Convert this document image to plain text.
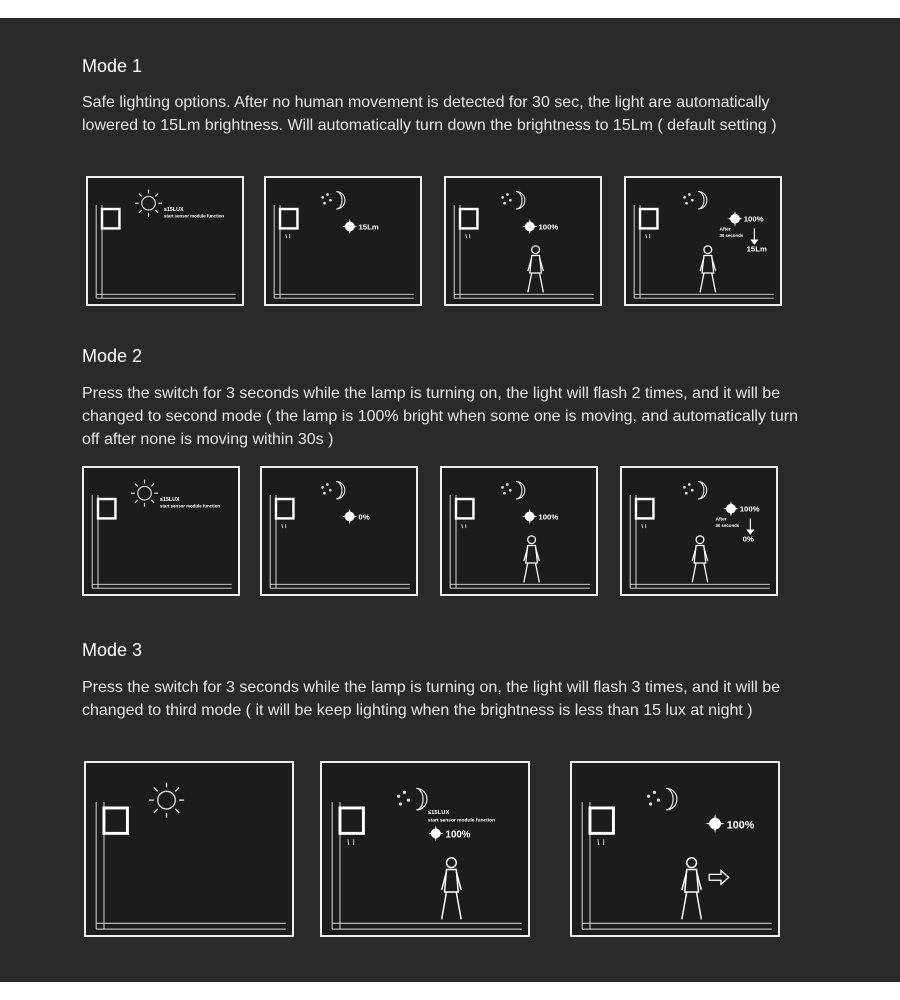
Mode 1
Safe lighting options. After no human movement is detected for 30 sec, the light are automatically lowered to 15Lm brightness. Will automatically turn down the brightness to 15Lm ( default setting )
≤15LUX
start sensor module function
15Lm	100%
100%
After
30 seconds
15Lm
Mode 2
Press the switch for 3 seconds while the lamp is turning on, the light will flash 2 times, and it will be changed to second mode ( the lamp is 100% bright when some one is moving, and automatically turn off after none is moving within 30s )
≤15LUX
start sensor module function
0%	100%
100%
After
30 seconds
0%
Mode 3
Press the switch for 3 seconds while the lamp is turning on, the light will flash 3 times, and it will be changed to third mode ( it will be keep lighting when the brightness is less than 15 lux at night )
≤15LUX
start sensor module function
100%
100%
